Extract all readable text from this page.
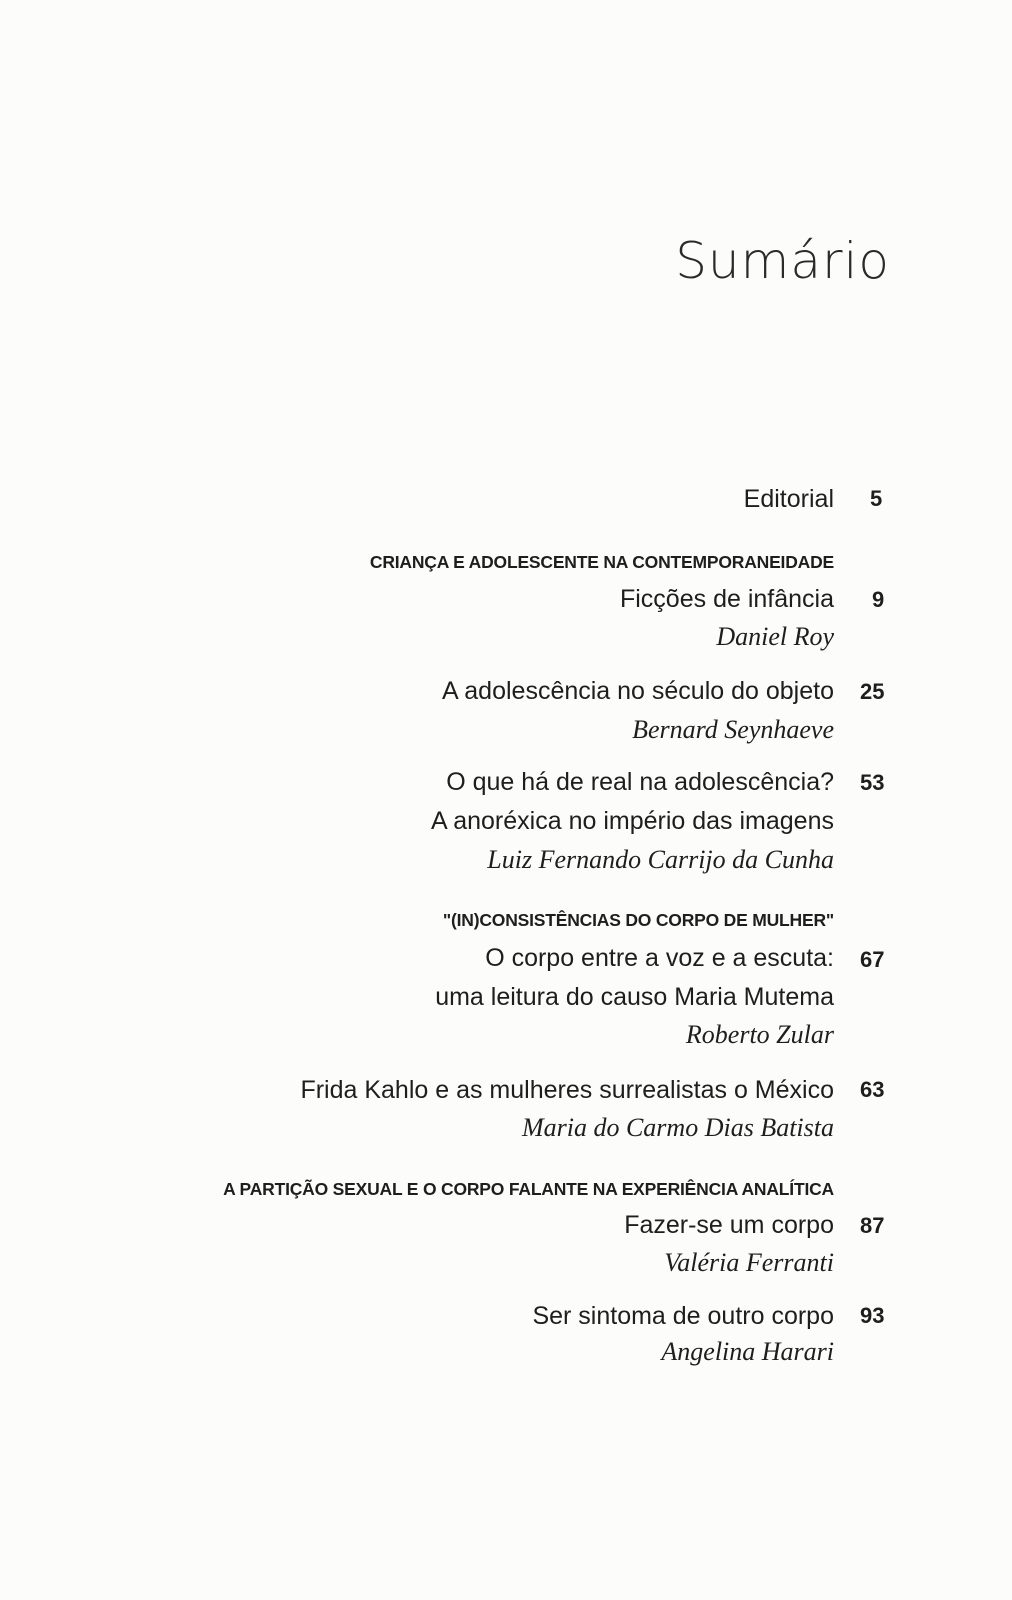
Sumário
Editorial 5
CRIANÇA E ADOLESCENTE NA CONTEMPORANEIDADE
Ficções de infância 9
Daniel Roy
A adolescência no século do objeto 25
Bernard Seynhaeve
O que há de real na adolescência? 53
A anoréxica no império das imagens
Luiz Fernando Carrijo da Cunha
"(IN)CONSISTÊNCIAS DO CORPO DE MULHER"
O corpo entre a voz e a escuta: 67
uma leitura do causo Maria Mutema
Roberto Zular
Frida Kahlo e as mulheres surrealistas o México 63
Maria do Carmo Dias Batista
A PARTIÇÃO SEXUAL E O CORPO FALANTE NA EXPERIÊNCIA ANALÍTICA
Fazer-se um corpo 87
Valéria Ferranti
Ser sintoma de outro corpo 93
Angelina Harari
